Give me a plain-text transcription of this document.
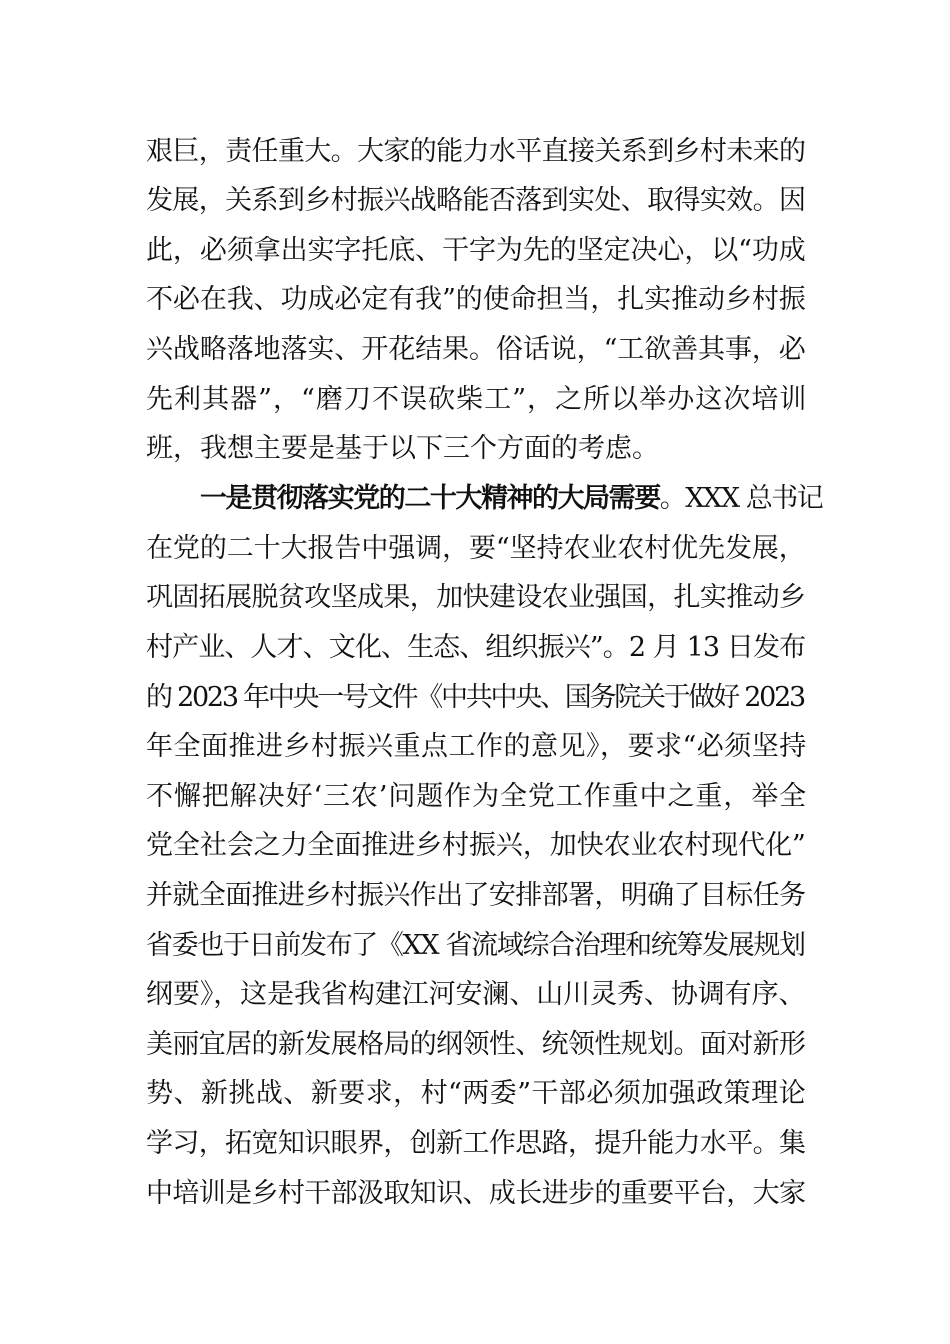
艰巨，责任重大。大家的能力水平直接关系到乡村未来的
发展，关系到乡村振兴战略能否落到实处、取得实效。因
此，必须拿出实字托底、干字为先的坚定决心，以“功成
不必在我、功成必定有我”的使命担当，扎实推动乡村振
兴战略落地落实、开花结果。俗话说，“工欲善其事，必
先利其器”，“磨刀不误砍柴工”，之所以举办这次培训
班，我想主要是基于以下三个方面的考虑。
一是贯彻落实党的二十大精神的大局需要。XXX 总书记
在党的二十大报告中强调，要“坚持农业农村优先发展，
巩固拓展脱贫攻坚成果，加快建设农业强国，扎实推动乡
村产业、人才、文化、生态、组织振兴”。2 月 13 日发布
的 2023 年中央一号文件《中共中央、国务院关于做好 2023
年全面推进乡村振兴重点工作的意见》，要求“必须坚持
不懈把解决好‘三农’问题作为全党工作重中之重，举全
党全社会之力全面推进乡村振兴，加快农业农村现代化”
并就全面推进乡村振兴作出了安排部署，明确了目标任务
省委也于日前发布了《XX 省流域综合治理和统筹发展规划
纲要》，这是我省构建江河安澜、山川灵秀、协调有序、
美丽宜居的新发展格局的纲领性、统领性规划。面对新形
势、新挑战、新要求，村“两委”干部必须加强政策理论
学习，拓宽知识眼界，创新工作思路，提升能力水平。集
中培训是乡村干部汲取知识、成长进步的重要平台，大家
